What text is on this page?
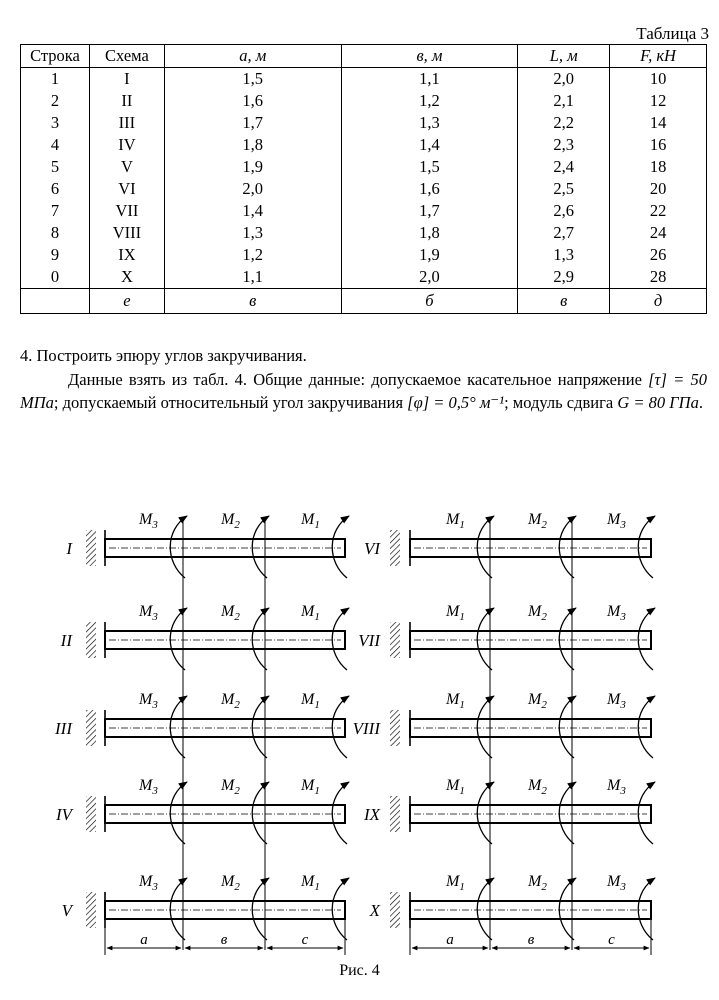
Таблица 3
Строка	Схема	а, м	в, м	L, м	F, кН
1	I	1,5	1,1	2,0	10
2	II	1,6	1,2	2,1	12
3	III	1,7	1,3	2,2	14
4	IV	1,8	1,4	2,3	16
5	V	1,9	1,5	2,4	18
6	VI	2,0	1,6	2,5	20
7	VII	1,4	1,7	2,6	22
8	VIII	1,3	1,8	2,7	24
9	IX	1,2	1,9	1,3	26
0	X	1,1	2,0	2,9	28
	е	в	б	в	д
4. Построить эпюру углов закручивания.
Данные взять из табл. 4. Общие данные: допускаемое касательное напряжение [τ] = 50 МПа; допускаемый относительный угол закручивания [φ] = 0,5° м⁻¹; модуль сдвига G = 80 ГПа.
I
$M_3$	$M_2$	$M_1$
II
$M_3$	$M_2$	$M_1$
III
$M_3$	$M_2$	$M_1$
IV
$M_3$	$M_2$	$M_1$
V
$M_3$	$M_2$	$M_1$
a	в	c
VI
$M_1$	$M_2$	$M_3$
VII
$M_1$	$M_2$	$M_3$
VIII
$M_1$	$M_2$	$M_3$
IX
$M_1$	$M_2$	$M_3$
X
$M_1$	$M_2$	$M_3$
a	в	c
Рис. 4
